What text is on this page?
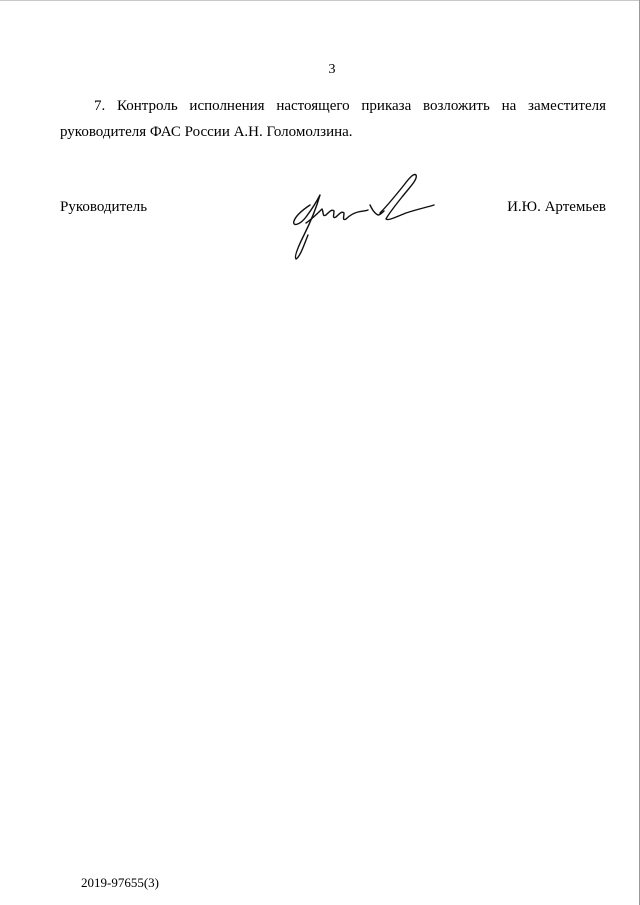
3

7. Контроль исполнения настоящего приказа возложить на заместителя руководителя ФАС России А.Н. Голомолзина.

Руководитель	И.Ю. Артемьев
2019-97655(3)
